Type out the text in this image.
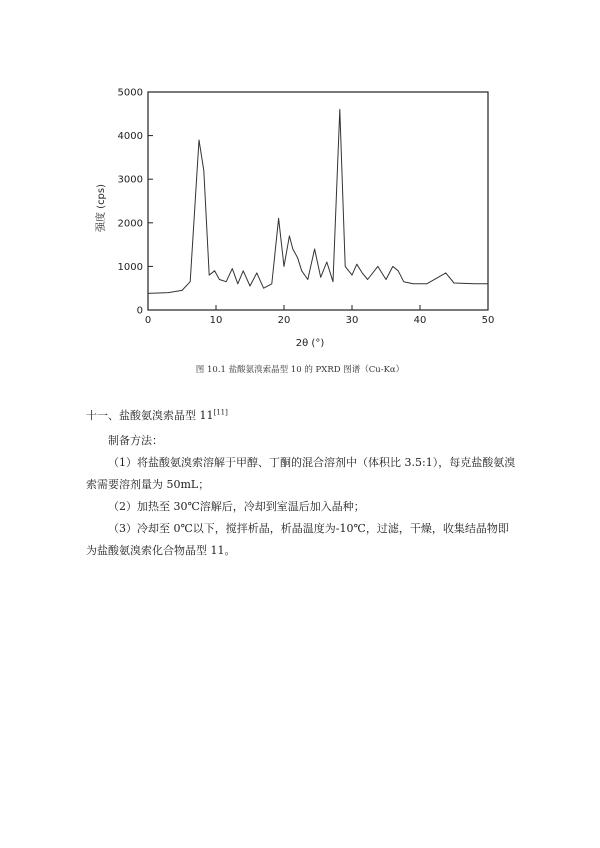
0	10	20	30	40	50
0
1000
2000
3000
4000
5000
2θ (°)
强度 (cps)
图 10.1 盐酸氨溴索晶型 10 的 PXRD 图谱（Cu-Kα）
十一、盐酸氨溴索晶型 11[11]
制备方法：
（1）将盐酸氨溴索溶解于甲醇、丁酮的混合溶剂中（体积比 3.5:1），每克盐酸氨溴索需要溶剂量为 50mL；
（2）加热至 30℃溶解后，冷却到室温后加入晶种；
（3）冷却至 0℃以下，搅拌析晶，析晶温度为-10℃，过滤，干燥，收集结晶物即为盐酸氨溴索化合物晶型 11。
